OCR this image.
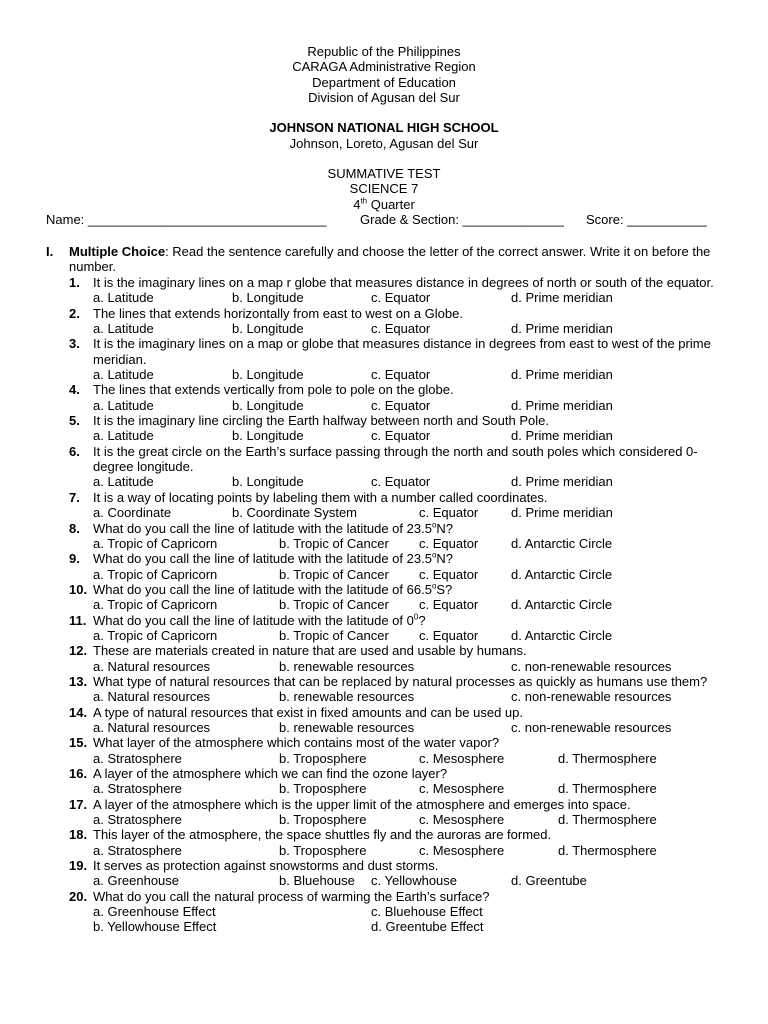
Republic of the Philippines
CARAGA Administrative Region
Department of Education
Division of Agusan del Sur
JOHNSON NATIONAL HIGH SCHOOL
Johnson, Loreto, Agusan del Sur
SUMMATIVE TEST
SCIENCE 7
4th Quarter
Name: _________________________________	Grade & Section: ______________ Score: ___________
I. Multiple Choice: Read the sentence carefully and choose the letter of the correct answer. Write it on before the number.
1. It is the imaginary lines on a map r globe that measures distance in degrees of north or south of the equator.
a. Latitude	b. Longitude	c. Equator	d. Prime meridian
2. The lines that extends horizontally from east to west on a Globe.
a. Latitude	b. Longitude	c. Equator	d. Prime meridian
3. It is the imaginary lines on a map or globe that measures distance in degrees from east to west of the prime meridian.
a. Latitude	b. Longitude	c. Equator	d. Prime meridian
4. The lines that extends vertically from pole to pole on the globe.
a. Latitude	b. Longitude	c. Equator	d. Prime meridian
5. It is the imaginary line circling the Earth halfway between north and South Pole.
a. Latitude	b. Longitude	c. Equator	d. Prime meridian
6. It is the great circle on the Earth’s surface passing through the north and south poles which considered 0-degree longitude.
a. Latitude	b. Longitude	c. Equator	d. Prime meridian
7. It is a way of locating points by labeling them with a number called coordinates.
a. Coordinate	b. Coordinate System	c. Equator	d. Prime meridian
8. What do you call the line of latitude with the latitude of 23.5$^o$N?
a. Tropic of Capricorn	b. Tropic of Cancer c. Equator	d. Antarctic Circle
9. What do you call the line of latitude with the latitude of 23.5$^o$N?
a. Tropic of Capricorn	b. Tropic of Cancer c. Equator	d. Antarctic Circle
10. What do you call the line of latitude with the latitude of 66.5$^o$S?
a. Tropic of Capricorn	b. Tropic of Cancer c. Equator	d. Antarctic Circle
11. What do you call the line of latitude with the latitude of $0^0$?
a. Tropic of Capricorn	b. Tropic of Cancer c. Equator	d. Antarctic Circle
12. These are materials created in nature that are used and usable by humans.
a. Natural resources	b. renewable resources	c. non-renewable resources
13. What type of natural resources that can be replaced by natural processes as quickly as humans use them?
a. Natural resources	b. renewable resources	c. non-renewable resources
14. A type of natural resources that exist in fixed amounts and can be used up.
a. Natural resources	b. renewable resources	c. non-renewable resources
15. What layer of the atmosphere which contains most of the water vapor?
a. Stratosphere	b. Troposphere	c. Mesosphere	d. Thermosphere
16. A layer of the atmosphere which we can find the ozone layer?
a. Stratosphere	b. Troposphere	c. Mesosphere	d. Thermosphere
17. A layer of the atmosphere which is the upper limit of the atmosphere and emerges into space.
a. Stratosphere	b. Troposphere	c. Mesosphere	d. Thermosphere
18. This layer of the atmosphere, the space shuttles fly and the auroras are formed.
a. Stratosphere	b. Troposphere	c. Mesosphere	d. Thermosphere
19. It serves as protection against snowstorms and dust storms.
a. Greenhouse	b. Bluehouse c. Yellowhouse	d. Greentube
20. What do you call the natural process of warming the Earth’s surface?
a. Greenhouse Effect	c. Bluehouse Effect
b. Yellowhouse Effect	d. Greentube Effect
